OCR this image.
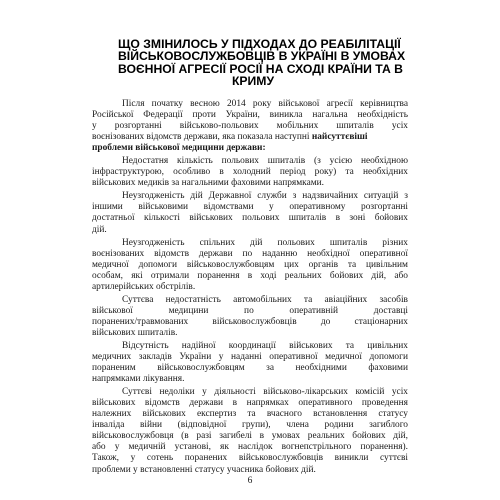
ЩО ЗМІНИЛОСЬ У ПІДХОДАХ ДО РЕАБІЛІТАЦІЇ
ВІЙСЬКОВОСЛУЖБОВЦІВ В УКРАЇНІ В УМОВАХ
ВОЄННОЇ АГРЕСІЇ РОСІЇ НА СХОДІ КРАЇНИ ТА В
КРИМУ
Після початку весною 2014 року військової агресії керівництва
Російської Федерації проти України, виникла нагальна необхідність
у розгортанні військово-польових мобільних шпиталів усіх
воєнізованих відомств держави, яка показала наступні найсуттєвіші
проблеми військової медицини держави:
Недостатня кількість польових шпиталів (з усією необхідною
інфраструктурою, особливо в холодний період року) та необхідних
військових медиків за нагальними фаховими напрямками.
Неузгодженість дій Державної служби з надзвичайних ситуацій з
іншими військовими відомствами у оперативному розгортанні
достатньої кількості військових польових шпиталів в зоні бойових
дій.
Неузгодженість спільних дій польових шпиталів різних
воєнізованих відомств держави по наданню необхідної оперативної
медичної допомоги військовослужбовцям цих органів та цивільним
особам, які отримали поранення в ході реальних бойових дій, або
артилерійських обстрілів.
Суттєва недостатність автомобільних та авіаційних засобів
військової медицини по оперативній доставці
поранених/травмованих військовослужбовців до стаціонарних
військових шпиталів.
Відсутність надійної координації військових та цивільних
медичних закладів України у наданні оперативної медичної допомоги
пораненим військовослужбовцям за необхідними фаховими
напрямками лікування.
Суттєві недоліки у діяльності військово-лікарських комісій усіх
військових відомств держави в напрямках оперативного проведення
належних військових експертиз та вчасного встановлення статусу
інваліда війни (відповідної групи), члена родини загиблого
військовослужбовця (в разі загибелі в умовах реальних бойових дій,
або у медичній установі, як наслідок вогнепстрільного поранення).
Також, у сотень поранених військовослужбовців виникли суттєві
проблеми у встановленні статусу учасника бойових дій.
6
